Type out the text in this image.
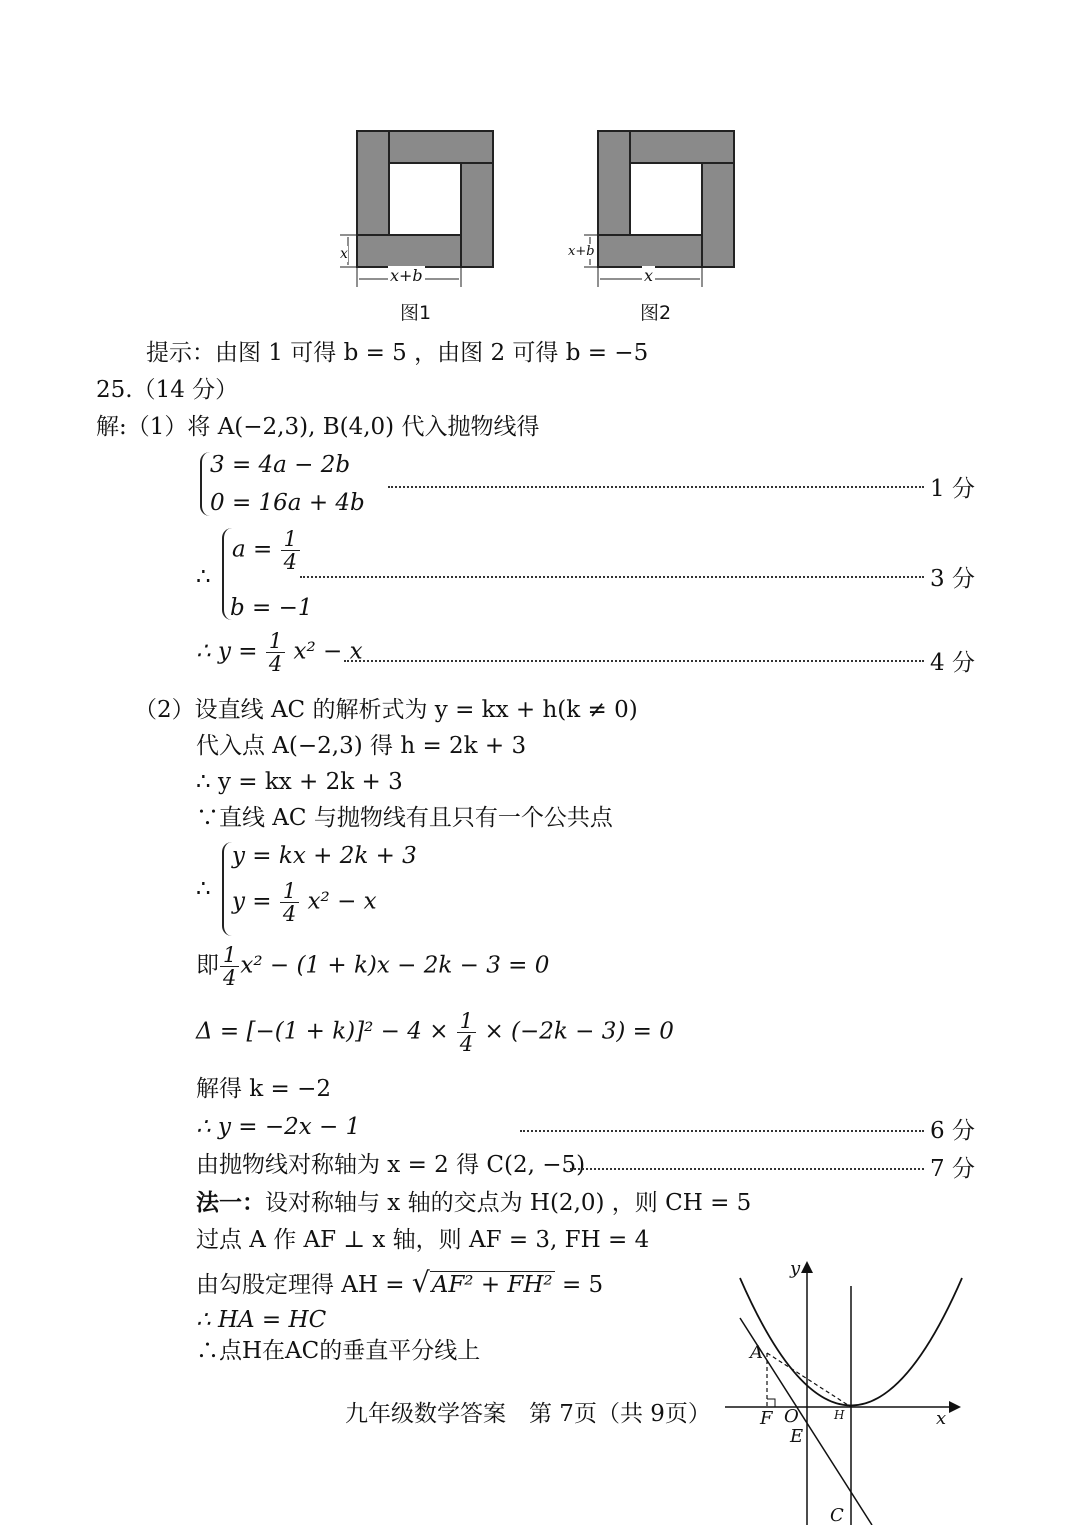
x+b
x
图1
x
x+b
图2
提示：由图 1 可得 b = 5 ，由图 2 可得 b = −5
25.（14 分）
解:（1）将 A(−2,3), B(4,0) 代入抛物线得
3 = 4a − 2b
0 = 16a + 4b
1 分
∴
$a = \frac{1}{4}$
b = −1
3 分
∴ $y = \frac{1}{4} x^2 - x$	4 分
（2）设直线 AC 的解析式为 y = kx + h(k ≠ 0)
代入点 A(−2,3) 得 h = 2k + 3
∴ y = kx + 2k + 3
∵直线 AC 与抛物线有且只有一个公共点
∴
y = kx + 2k + 3
$y = \frac{1}{4} x^2 - x$
即 $\frac{1}{4} x^2 - (1 + k)x - 2k - 3 = 0$
$\Delta = [-(1 + k)]^2 - 4 \times \frac{1}{4} \times (-2k - 3) = 0$
解得 k = −2
∴ y = −2x − 1	6 分
由抛物线对称轴为 x = 2 得 C(2, −5)	7 分
法一：设对称轴与 x 轴的交点为 H(2,0) ，则 CH = 5
过点 A 作 AF ⊥ x 轴，则 AF = 3, FH = 4
由勾股定理得 AH = √AF² + FH² = 5
∴ HA = HC
∴点H在AC的垂直平分线上
九年级数学答案　第 7页（共 9页）
y
x
A
F O	H
E
C
